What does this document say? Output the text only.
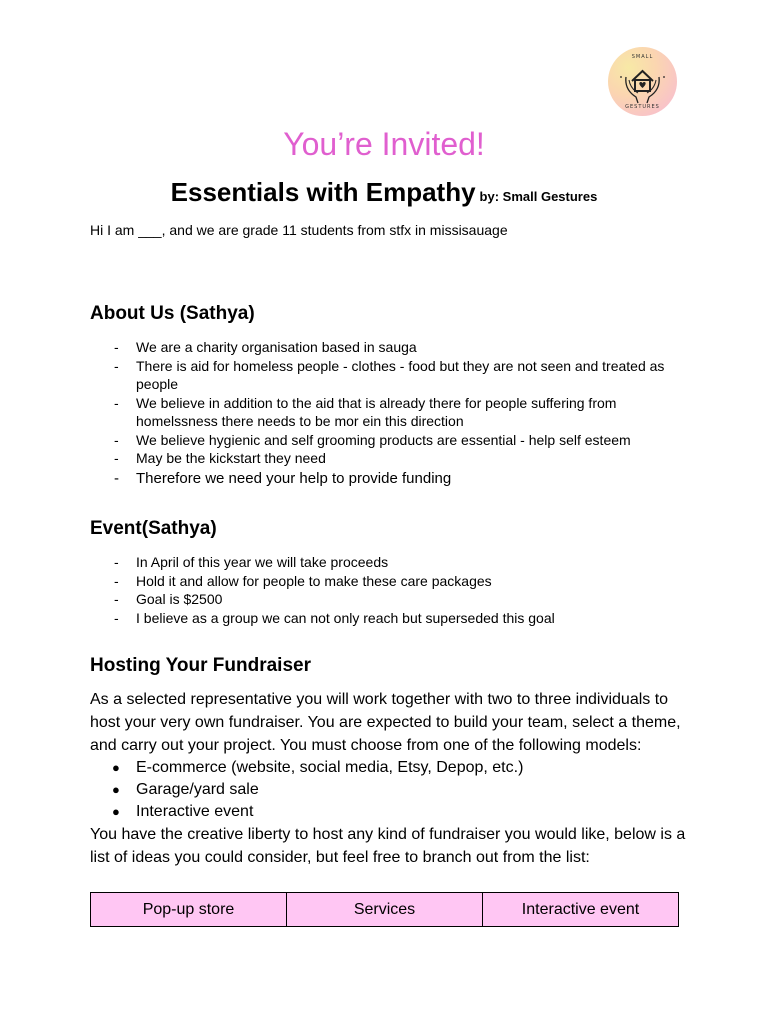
SMALL
GESTURES
You’re Invited!
Essentials with Empathy by: Small Gestures
Hi I am ___, and we are grade 11 students from stfx in missisauage
About Us (Sathya)
- We are a charity organisation based in sauga
- There is aid for homeless people - clothes - food but they are not seen and treated as people
- We believe in addition to the aid that is already there for people suffering from homelssness there needs to be mor ein this direction
- We believe hygienic and self grooming products are essential - help self esteem
- May be the kickstart they need
- Therefore we need your help to provide funding
Event(Sathya)
- In April of this year we will take proceeds
- Hold it and allow for people to make these care packages
- Goal is $2500
- I believe as a group we can not only reach but superseded this goal
Hosting Your Fundraiser
As a selected representative you will work together with two to three individuals to host your very own fundraiser. You are expected to build your team, select a theme, and carry out your project. You must choose from one of the following models:
● E-commerce (website, social media, Etsy, Depop, etc.)
● Garage/yard sale
● Interactive event
You have the creative liberty to host any kind of fundraiser you would like, below is a list of ideas you could consider, but feel free to branch out from the list:
Pop-up store	Services	Interactive event
